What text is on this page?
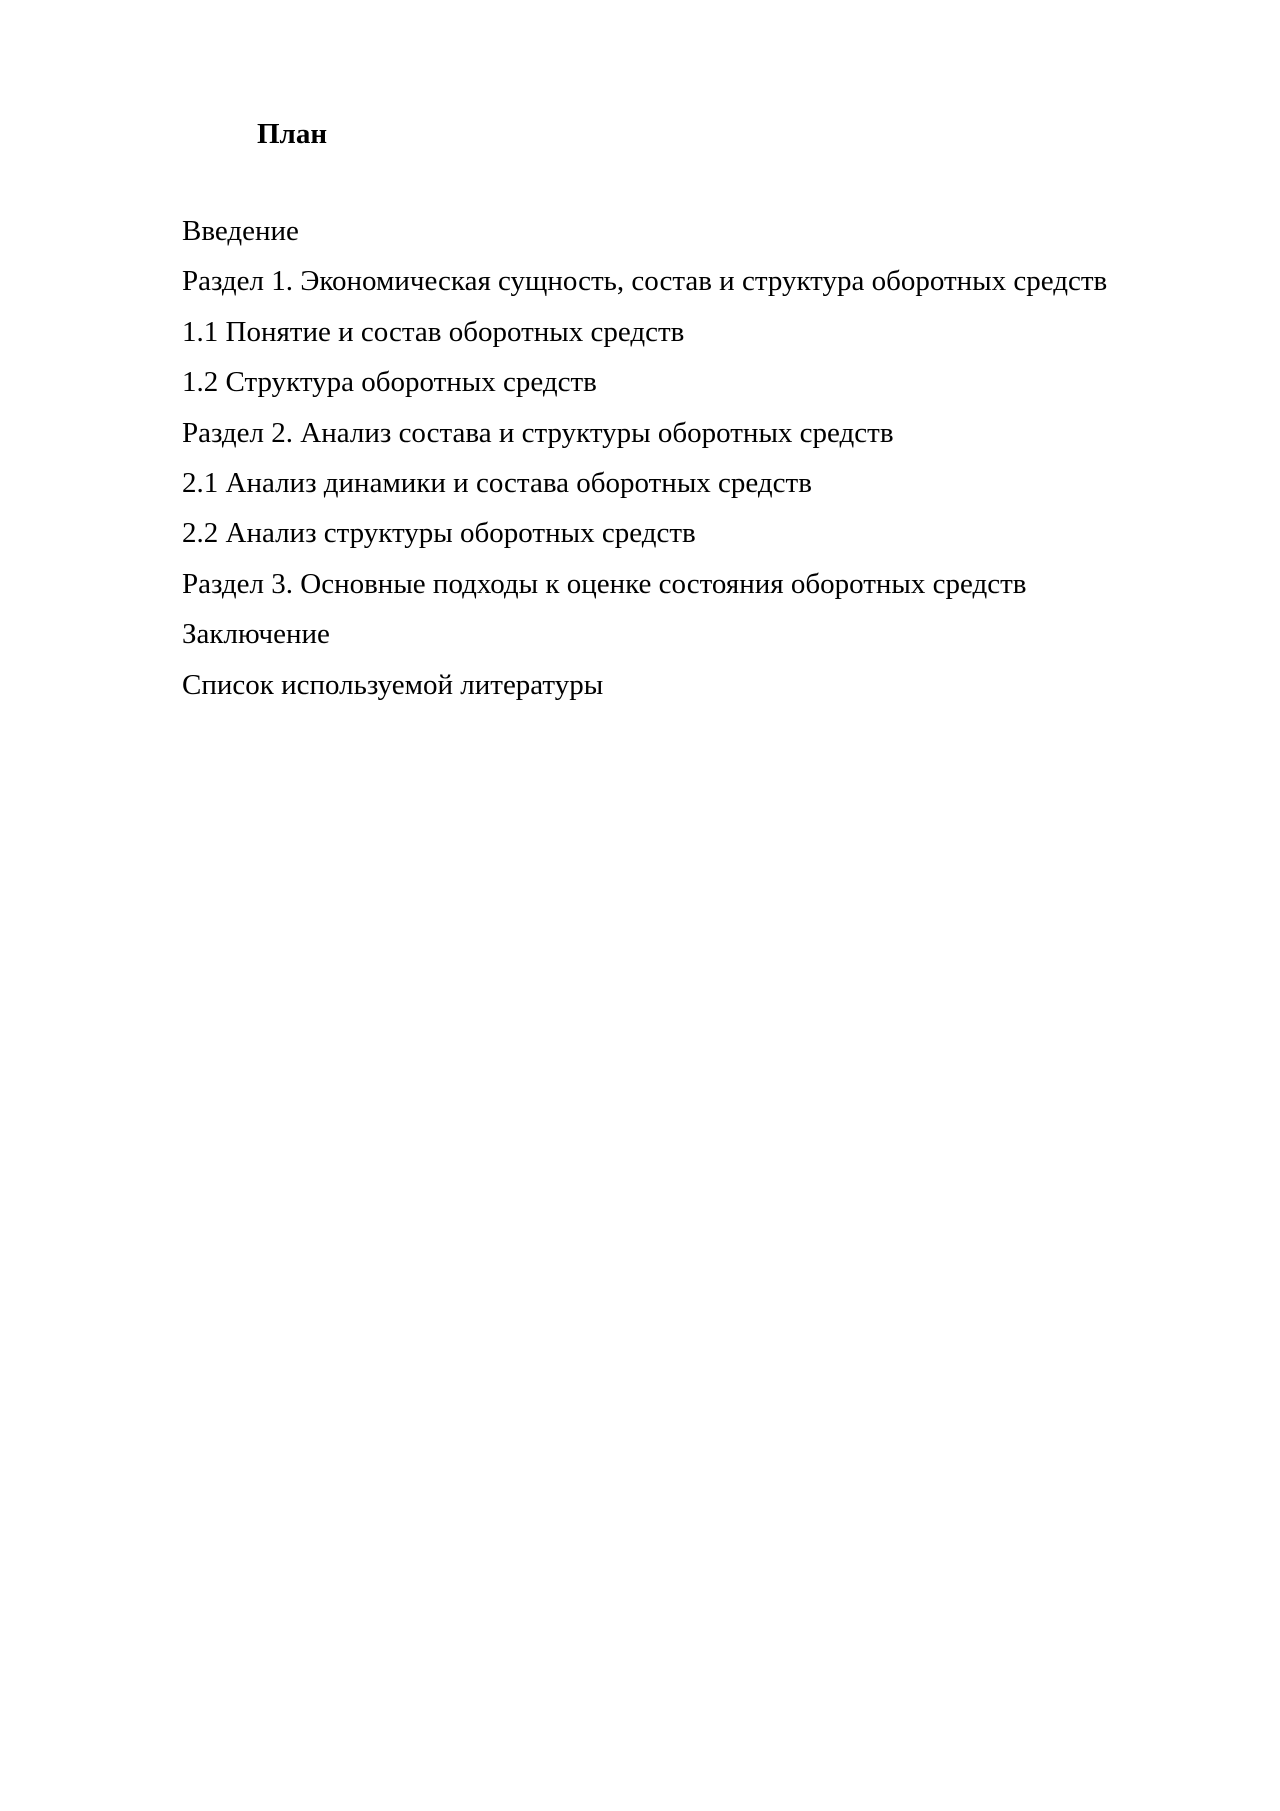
План
Введение
Раздел 1. Экономическая сущность, состав и структура оборотных средств
1.1 Понятие и состав оборотных средств
1.2 Структура оборотных средств
Раздел 2. Анализ состава и структуры оборотных средств
2.1 Анализ динамики и состава оборотных средств
2.2 Анализ структуры оборотных средств
Раздел 3. Основные подходы к оценке состояния оборотных средств
Заключение
Список используемой литературы
